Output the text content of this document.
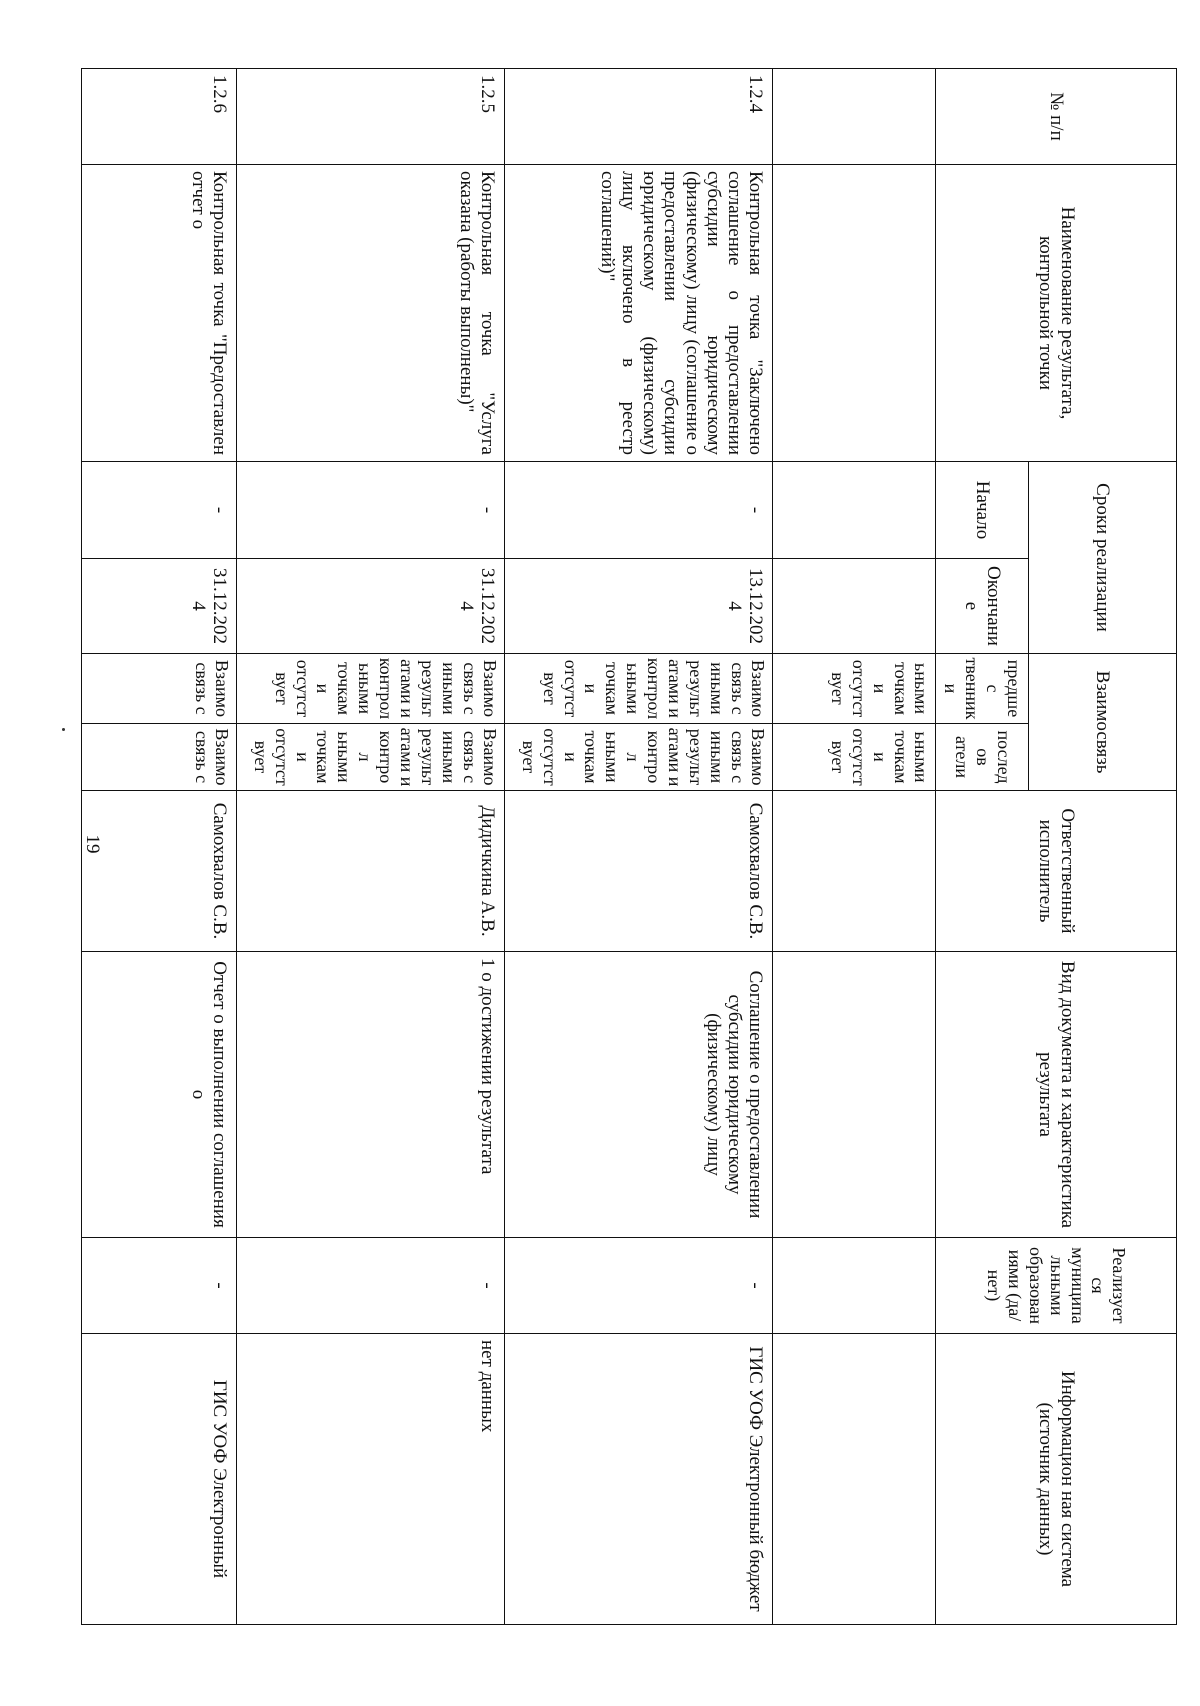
19
№ п/п	Наименование результата, контрольной точки	Сроки реализации		Взаимосвязь		Ответственный исполнитель	Вид документа и характеристика результата	Реализует ся муниципа льными образован иями (да/нет)	Информацион ная система (источник данных)
		Начало	Окончани е	предшес твенники	последов атели				
				ьными точкам и отсутст вует	ьными точкам и отсутст вует				
1.2.4	Контрольная точка "Заключено соглашение о предоставлении субсидии юридическому (физическому) лицу (соглашение о предоставлении субсидии юридическому (физическому) лицу включено в реестр соглашений)"	-	13.12.2024	Взаимо связь с иными результ атами и контрол ьными точкам и отсутст вует	Взаимо связь с иными результ атами и контрол ьными точкам и отсутст вует	Самохвалов С.В.	Соглашение о предоставлении субсидии юридическому (физическому) лицу	-	ГИС УОФ Электронный бюджет
1.2.5	Контрольная точка "Услуга оказана (работы выполнены)"	-	31.12.2024	Взаимо связь с иными результ атами и контрол ьными точкам и отсутст вует	Взаимо связь с иными результ атами и контрол ьными точкам и отсутст вует	Дидичкина А.В.	1 о достижении результата	-	нет данных
1.2.6	Контрольная точка "Предоставлен отчет о	-	31.12.2024	Взаимо связь с	Взаимо связь с	Самохвалов С.В.	Отчет о выполнении соглашения о	-	ГИС УОФ Электронный
